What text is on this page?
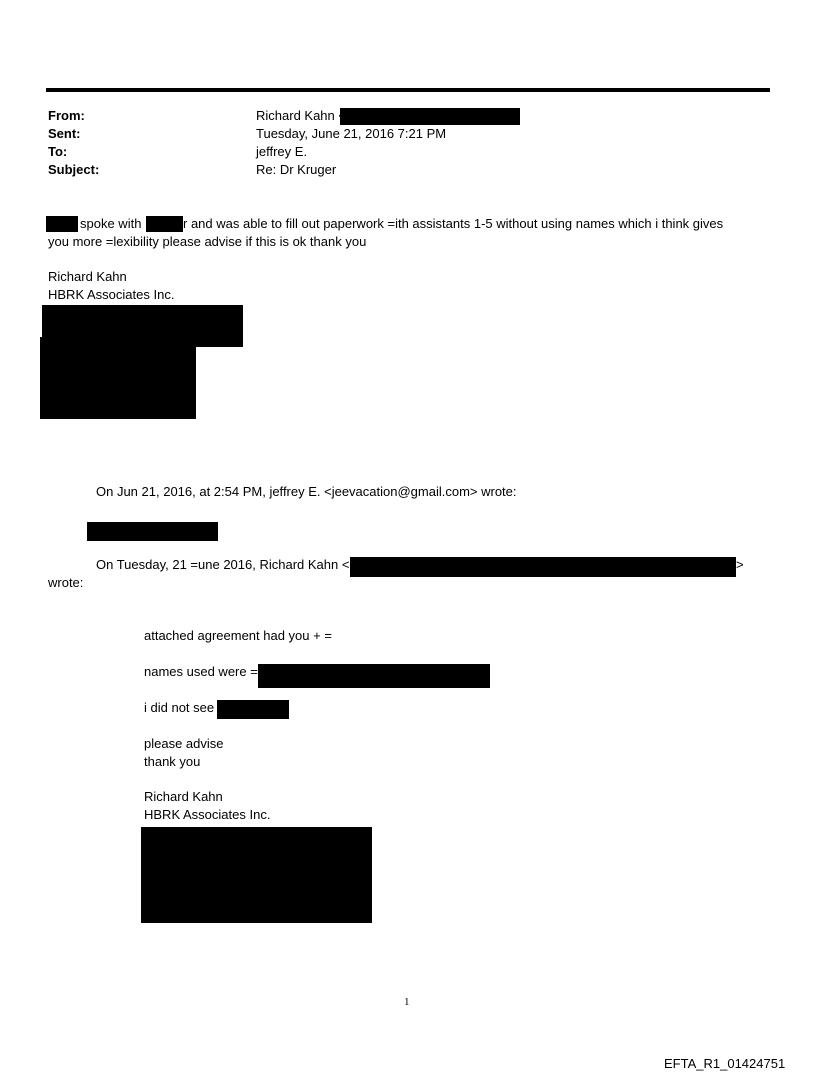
From:
Sent:
To:
Subject:
Richard Kahn
Tuesday, June 21, 2016 7:21 PM
jeffrey E.
Re: Dr Kruger
spoke with	r and was able to fill out paperwork =ith assistants 1-5 without using names which i think gives
you more =lexibility please advise if this is ok thank you
Richard Kahn
HBRK Associates Inc.
On Jun 21, 2016, at 2:54 PM, jeffrey E. <jeevacation@gmail.com> wrote:
On Tuesday, 21 =une 2016, Richard Kahn <	>
wrote:
attached agreement had you + =
names used were =
i did not see
please advise
thank you
Richard Kahn
HBRK Associates Inc.
1
EFTA_R1_01424751
